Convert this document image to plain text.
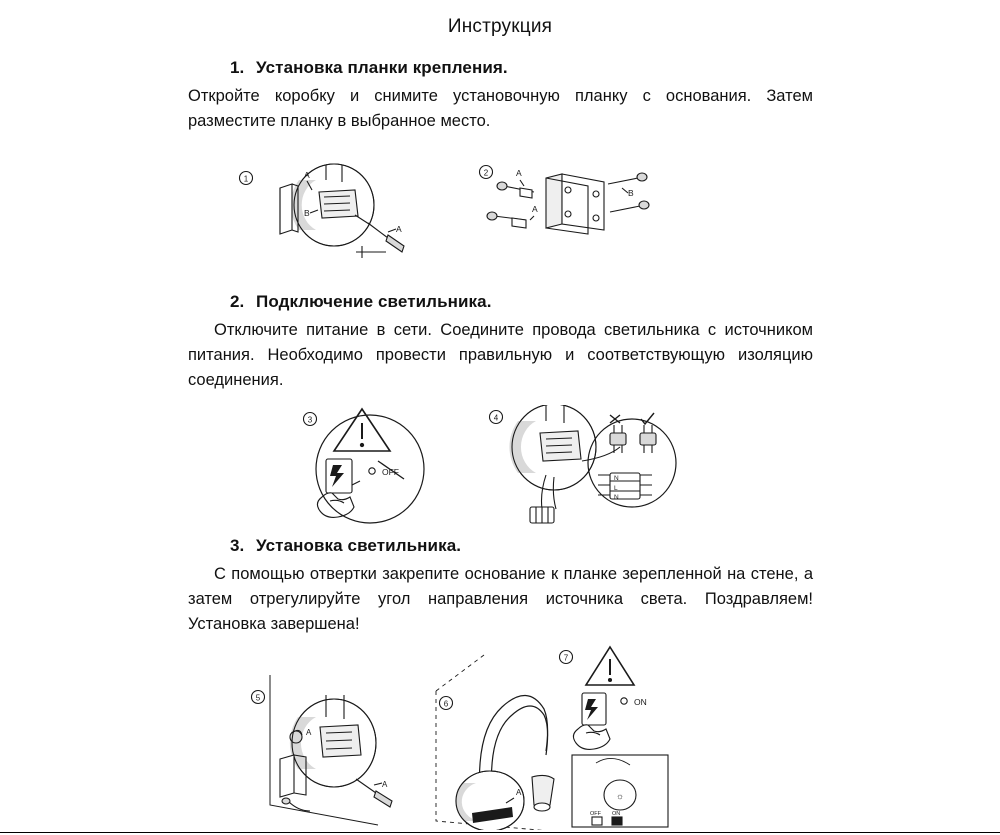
Инструкция

1. Установка планки крепления.

Откройте коробку и снимите установочную планку с основания. Затем разместите планку в выбранное место.

1	A
B
A
2	A
A
B

2. Подключение светильника.

Отключите питание в сети. Соедините провода светильника с источником питания. Необходимо провести правильную и соответствующую изоляцию соединения.

3
OFF
4
N
L
N

3. Установка светильника.

С помощью отвертки закрепите основание к планке зерепленной на стене, а затем отрегулируйте угол направления источника света. Поздравляем! Установка завершена!

5
A
A
6
A
7
ON
☼
OFF ON
